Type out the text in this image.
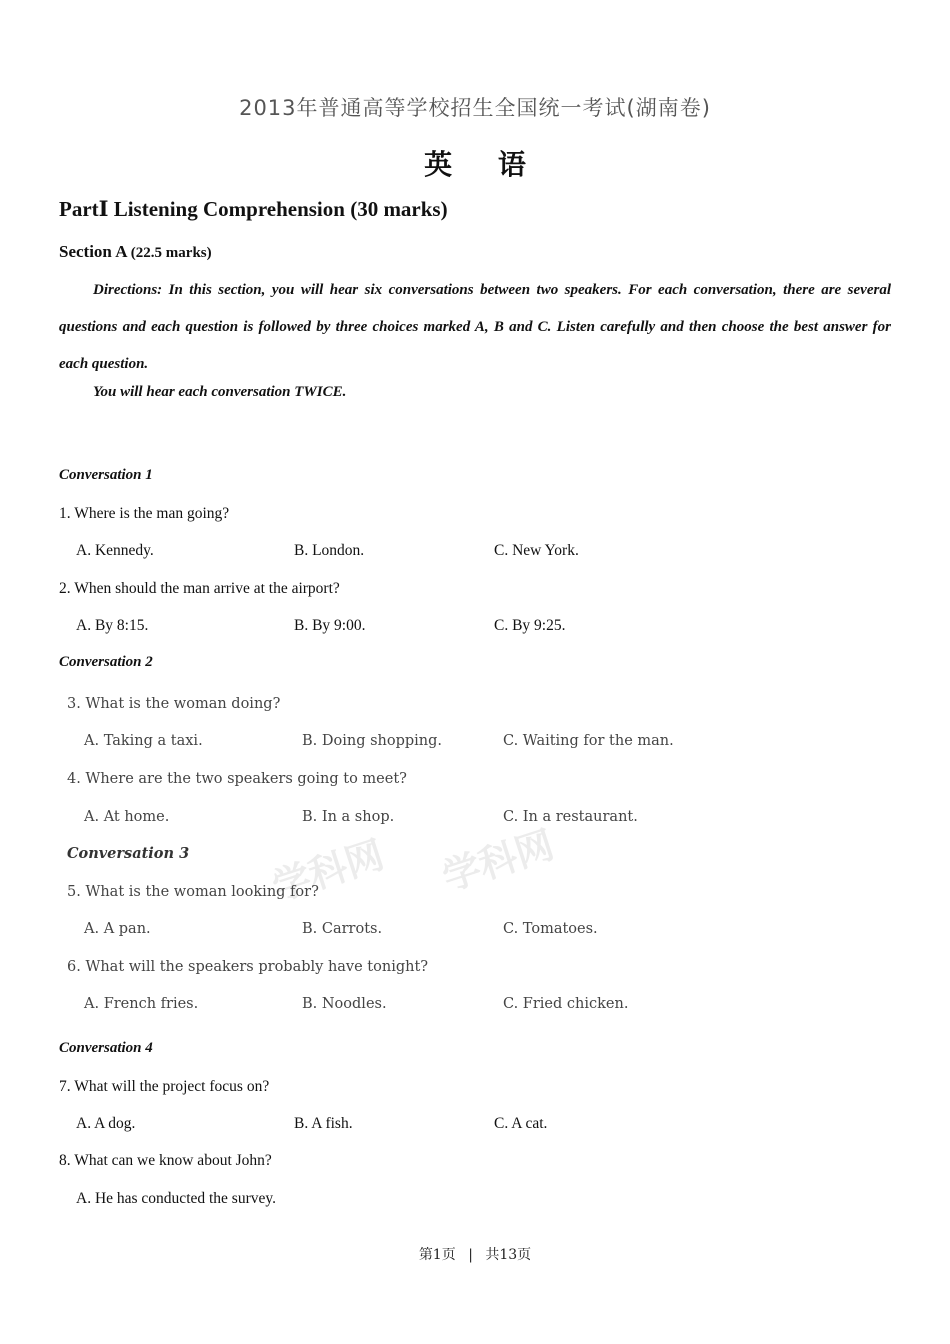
2013年普通高等学校招生全国统一考试(湖南卷)
英 语
PartⅠ Listening Comprehension (30 marks)
Section A (22.5 marks)
Directions: In this section, you will hear six conversations between two speakers. For each conversation, there are several questions and each question is followed by three choices marked A, B and C. Listen carefully and then choose the best answer for each question.
You will hear each conversation TWICE.
Conversation 1
1. Where is the man going?
A. Kennedy.	B. London.	C. New York.
2. When should the man arrive at the airport?
A. By 8:15.	B. By 9:00.	C. By 9:25.
Conversation 2
学科网 学科网
3. What is the woman doing?
A. Taking a taxi.	B. Doing shopping.	C. Waiting for the man.
4. Where are the two speakers going to meet?
A. At home.	B. In a shop.	C. In a restaurant.
Conversation 3
5. What is the woman looking for?
A. A pan.	B. Carrots.	C. Tomatoes.
6. What will the speakers probably have tonight?
A. French fries.	B. Noodles.	C. Fried chicken.
Conversation 4
7. What will the project focus on?
A. A dog.	B. A fish.	C. A cat.
8. What can we know about John?
A. He has conducted the survey.
第1页 | 共13页
